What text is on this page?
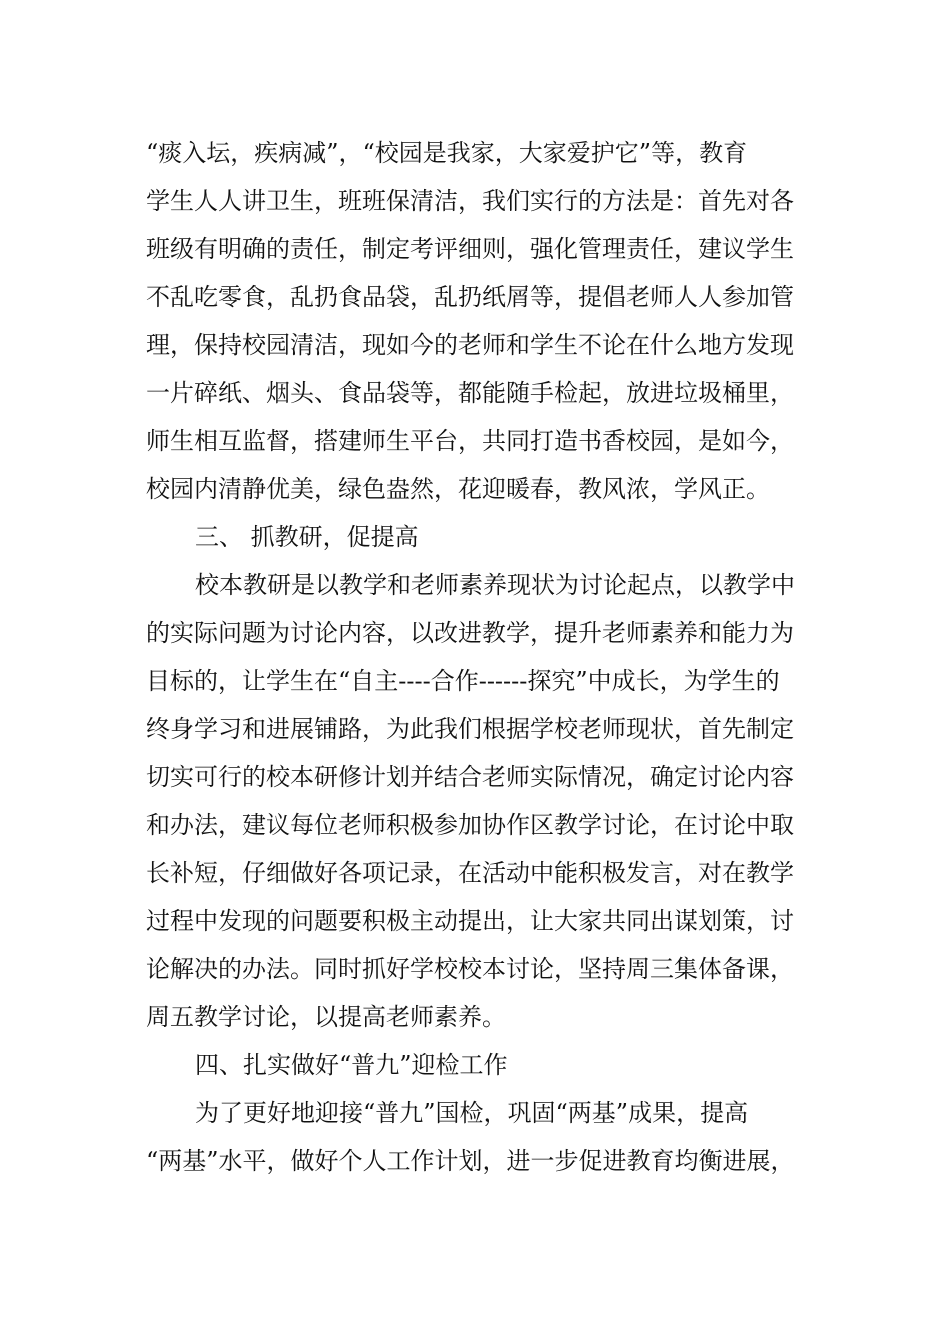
“痰入坛，疾病减”，“校园是我家，大家爱护它”等，教育
学生人人讲卫生，班班保清洁，我们实行的方法是：首先对各
班级有明确的责任，制定考评细则，强化管理责任，建议学生
不乱吃零食，乱扔食品袋，乱扔纸屑等，提倡老师人人参加管
理，保持校园清洁，现如今的老师和学生不论在什么地方发现
一片碎纸、烟头、食品袋等，都能随手检起，放进垃圾桶里，
师生相互监督，搭建师生平台，共同打造书香校园，是如今，
校园内清静优美，绿色盎然，花迎暖春，教风浓，学风正。
三、 抓教研，促提高
校本教研是以教学和老师素养现状为讨论起点，以教学中
的实际问题为讨论内容，以改进教学，提升老师素养和能力为
目标的，让学生在“自主----合作------探究”中成长，为学生的
终身学习和进展铺路，为此我们根据学校老师现状，首先制定
切实可行的校本研修计划并结合老师实际情况，确定讨论内容
和办法，建议每位老师积极参加协作区教学讨论，在讨论中取
长补短，仔细做好各项记录，在活动中能积极发言，对在教学
过程中发现的问题要积极主动提出，让大家共同出谋划策，讨
论解决的办法。同时抓好学校校本讨论，坚持周三集体备课，
周五教学讨论，以提高老师素养。
四、扎实做好“普九”迎检工作
为了更好地迎接“普九”国检，巩固“两基”成果，提高
“两基”水平，做好个人工作计划，进一步促进教育均衡进展，
